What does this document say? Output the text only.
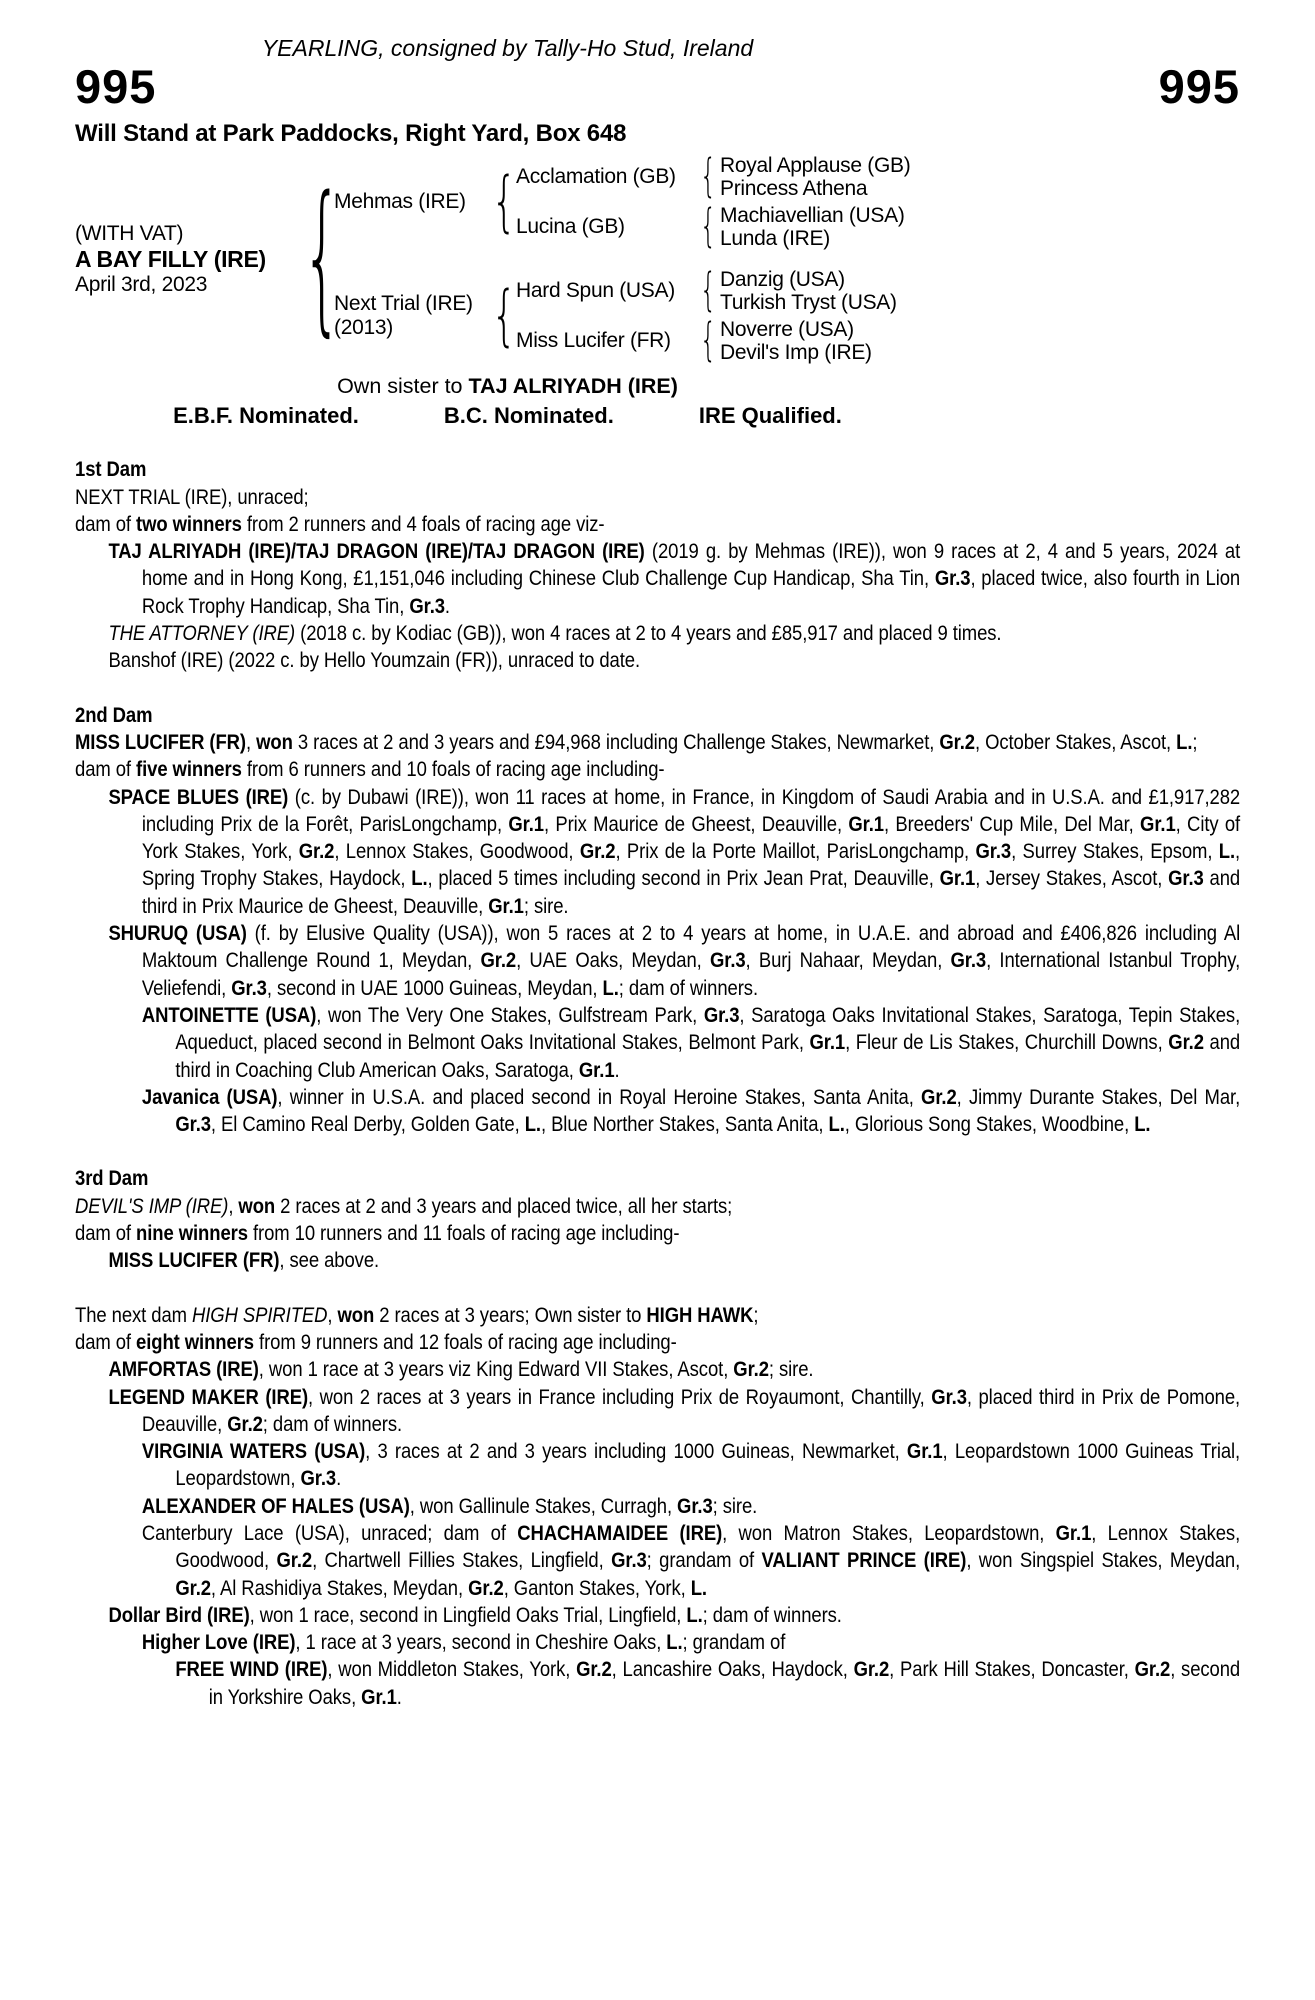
YEARLING, consigned by Tally-Ho Stud, Ireland
995	995
Will Stand at Park Paddocks, Right Yard, Box 648
(WITH VAT)
A BAY FILLY (IRE)
April 3rd, 2023
{
Mehmas (IRE)
{
Acclamation (GB) {	Royal Applause (GB)
Princess Athena
Lucina (GB) {	Machiavellian (USA)
Lunda (IRE)
Next Trial (IRE)
(2013)
{
Hard Spun (USA) {	Danzig (USA)
Turkish Tryst (USA)
Miss Lucifer (FR) {	Noverre (USA)
Devil's Imp (IRE)
Own sister to TAJ ALRIYADH (IRE)
E.B.F. Nominated.	B.C. Nominated.	IRE Qualified.
1st Dam

NEXT TRIAL (IRE), unraced;

dam of two winners from 2 runners and 4 foals of racing age viz-

TAJ ALRIYADH (IRE)/TAJ DRAGON (IRE)/TAJ DRAGON (IRE) (2019 g. by Mehmas (IRE)), won 9 races at 2, 4 and 5 years, 2024 at home and in Hong Kong, £1,151,046 including Chinese Club Challenge Cup Handicap, Sha Tin, Gr.3, placed twice, also fourth in Lion Rock Trophy Handicap, Sha Tin, Gr.3.

THE ATTORNEY (IRE) (2018 c. by Kodiac (GB)), won 4 races at 2 to 4 years and £85,917 and placed 9 times.

Banshof (IRE) (2022 c. by Hello Youmzain (FR)), unraced to date.

2nd Dam

MISS LUCIFER (FR), won 3 races at 2 and 3 years and £94,968 including Challenge Stakes, Newmarket, Gr.2, October Stakes, Ascot, L.;

dam of five winners from 6 runners and 10 foals of racing age including-

SPACE BLUES (IRE) (c. by Dubawi (IRE)), won 11 races at home, in France, in Kingdom of Saudi Arabia and in U.S.A. and £1,917,282 including Prix de la Forêt, ParisLongchamp, Gr.1, Prix Maurice de Gheest, Deauville, Gr.1, Breeders' Cup Mile, Del Mar, Gr.1, City of York Stakes, York, Gr.2, Lennox Stakes, Goodwood, Gr.2, Prix de la Porte Maillot, ParisLongchamp, Gr.3, Surrey Stakes, Epsom, L., Spring Trophy Stakes, Haydock, L., placed 5 times including second in Prix Jean Prat, Deauville, Gr.1, Jersey Stakes, Ascot, Gr.3 and third in Prix Maurice de Gheest, Deauville, Gr.1; sire.

SHURUQ (USA) (f. by Elusive Quality (USA)), won 5 races at 2 to 4 years at home, in U.A.E. and abroad and £406,826 including Al Maktoum Challenge Round 1, Meydan, Gr.2, UAE Oaks, Meydan, Gr.3, Burj Nahaar, Meydan, Gr.3, International Istanbul Trophy, Veliefendi, Gr.3, second in UAE 1000 Guineas, Meydan, L.; dam of winners.

ANTOINETTE (USA), won The Very One Stakes, Gulfstream Park, Gr.3, Saratoga Oaks Invitational Stakes, Saratoga, Tepin Stakes, Aqueduct, placed second in Belmont Oaks Invitational Stakes, Belmont Park, Gr.1, Fleur de Lis Stakes, Churchill Downs, Gr.2 and third in Coaching Club American Oaks, Saratoga, Gr.1.

Javanica (USA), winner in U.S.A. and placed second in Royal Heroine Stakes, Santa Anita, Gr.2, Jimmy Durante Stakes, Del Mar, Gr.3, El Camino Real Derby, Golden Gate, L., Blue Norther Stakes, Santa Anita, L., Glorious Song Stakes, Woodbine, L.

3rd Dam

DEVIL'S IMP (IRE), won 2 races at 2 and 3 years and placed twice, all her starts;

dam of nine winners from 10 runners and 11 foals of racing age including-

MISS LUCIFER (FR), see above.

The next dam HIGH SPIRITED, won 2 races at 3 years; Own sister to HIGH HAWK;

dam of eight winners from 9 runners and 12 foals of racing age including-

AMFORTAS (IRE), won 1 race at 3 years viz King Edward VII Stakes, Ascot, Gr.2; sire.

LEGEND MAKER (IRE), won 2 races at 3 years in France including Prix de Royaumont, Chantilly, Gr.3, placed third in Prix de Pomone, Deauville, Gr.2; dam of winners.

VIRGINIA WATERS (USA), 3 races at 2 and 3 years including 1000 Guineas, Newmarket, Gr.1, Leopardstown 1000 Guineas Trial, Leopardstown, Gr.3.

ALEXANDER OF HALES (USA), won Gallinule Stakes, Curragh, Gr.3; sire.

Canterbury Lace (USA), unraced; dam of CHACHAMAIDEE (IRE), won Matron Stakes, Leopardstown, Gr.1, Lennox Stakes, Goodwood, Gr.2, Chartwell Fillies Stakes, Lingfield, Gr.3; grandam of VALIANT PRINCE (IRE), won Singspiel Stakes, Meydan, Gr.2, Al Rashidiya Stakes, Meydan, Gr.2, Ganton Stakes, York, L.

Dollar Bird (IRE), won 1 race, second in Lingfield Oaks Trial, Lingfield, L.; dam of winners.

Higher Love (IRE), 1 race at 3 years, second in Cheshire Oaks, L.; grandam of

FREE WIND (IRE), won Middleton Stakes, York, Gr.2, Lancashire Oaks, Haydock, Gr.2, Park Hill Stakes, Doncaster, Gr.2, second in Yorkshire Oaks, Gr.1.
